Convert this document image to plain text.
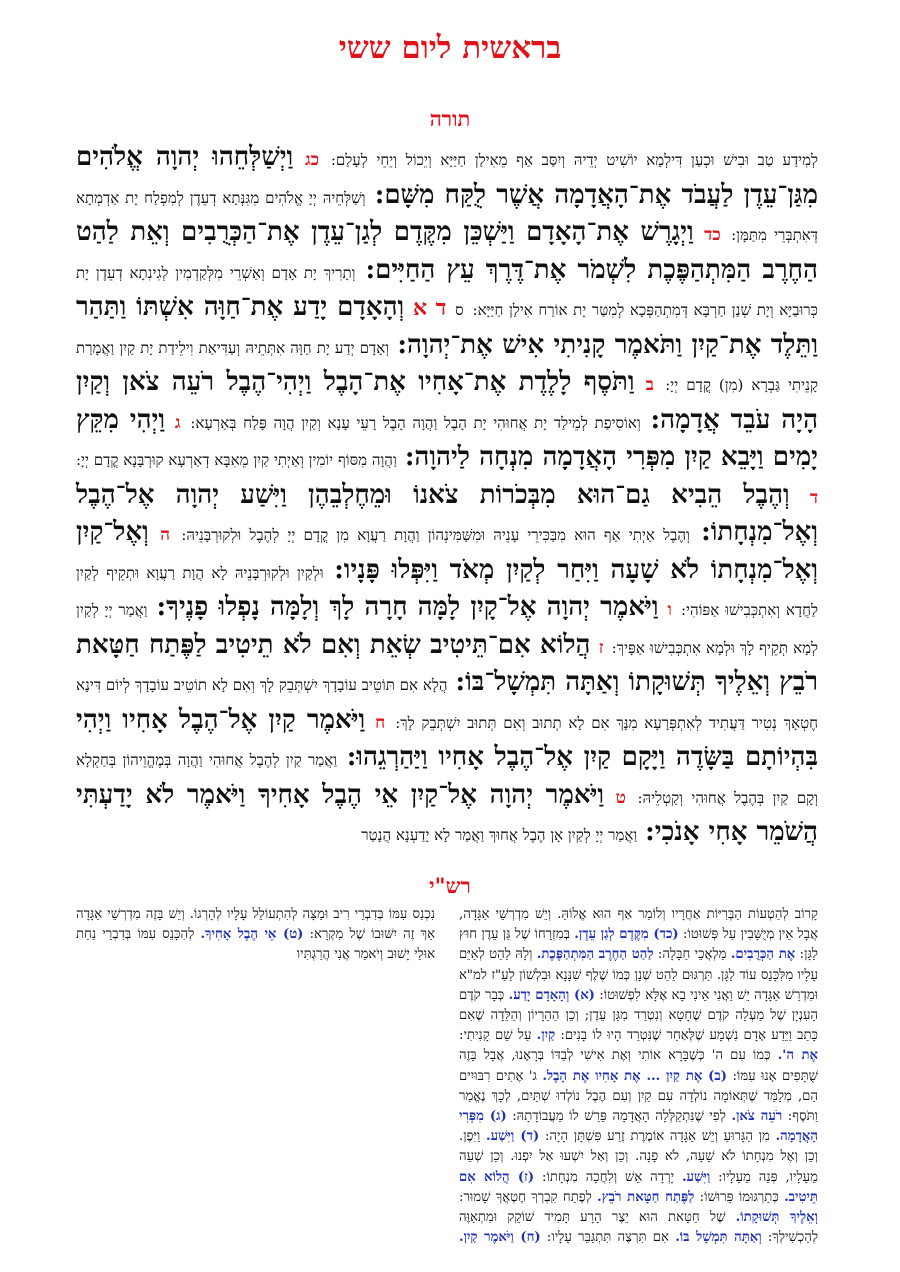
בראשית ליום ששי
תורה
לְמִידַע טַב וּבִישׁ וּכְעַן דִּילְמָא יוֹשִׁיט יְדֵיהּ וְיִסַּב אַף מֵאִילַן חַיַּיָּא וְיֵכוֹל וְיֵחֵי לְעָלַם: כג וַיְשַׁלְּחֵהוּ יְהוָה אֱלֹהִים מִגַּן־עֵדֶן לַעֲבֹד אֶת־הָאֲדָמָה אֲשֶׁר לֻקַּח מִשָּׁם: וְשַׁלְּחֵיהּ יְיָ אֱלֹהִים מִגִּנְּתָא דְעֵדֶן לְמִפְלַח יָת אַדְמְתָא דְּאִתְבְּרֵי מִתַּמָּן: כד וַיְגָרֶשׁ אֶת־הָאָדָם וַיַּשְׁכֵּן מִקֶּדֶם לְגַן־עֵדֶן אֶת־הַכְּרֻבִים וְאֵת לַהַט הַחֶרֶב הַמִּתְהַפֶּכֶת לִשְׁמֹר אֶת־דֶּרֶךְ עֵץ הַחַיִּים: וְתָרִיךְ יָת אָדָם וְאַשְׁרֵי מִלְּקַדְמִין לְגִינִתָא דְעֵדֶן יָת כְּרוּבַיָּא וְיָת שְׁנַן חַרְבָּא דְּמִתְהַפְּכָא לְמִטַּר יָת אוֹרַח אִילַן חַיַּיָּא: ס ד א וְהָאָדָם יָדַע אֶת־חַוָּה אִשְׁתּוֹ וַתַּהַר וַתֵּלֶד אֶת־קַיִן וַתֹּאמֶר קָנִיתִי אִישׁ אֶת־יְהוָה: וְאָדָם יְדַע יָת חַוָּה אִתְּתֵיהּ וְעַדִּיאַת וִילֵידַת יָת קַיִן וַאֲמָרַת קָנֵיתִי גַּבְרָא (מִן) קֳדָם יְיָ: ב וַתֹּסֶף לָלֶדֶת אֶת־אָחִיו אֶת־הָבֶל וַיְהִי־הֶבֶל רֹעֵה צֹאן וְקַיִן הָיָה עֹבֵד אֲדָמָה: וְאוֹסִיפַת לְמֵילַד יָת אֲחוּהִי יָת הָבֶל וַהֲוָה הָבֶל רָעֵי עָנָא וְקַיִן הֲוָה פָּלַח בְּאַרְעָא: ג וַיְהִי מִקֵּץ יָמִים וַיָּבֵא קַיִן מִפְּרִי הָאֲדָמָה מִנְחָה לַיהוָה: וַהֲוָה מִסּוֹף יוֹמִין וְאַיְתִי קַיִן מֵאִבָּא דְאַרְעָא קוּרְבָּנָא קֳדָם יְיָ: ד וְהֶבֶל הֵבִיא גַם־הוּא מִבְּכֹרוֹת צֹאנוֹ וּמֵחֶלְבֵהֶן וַיִּשַׁע יְהוָה אֶל־הֶבֶל וְאֶל־מִנְחָתוֹ: וְהֶבֶל אַיְתִי אַף הוּא מִבַּכִּירֵי עָנֵיהּ וּמִשַּׁמִּינְהוֹן וַהֲוָת רַעֲוָא מִן קֳדָם יְיָ לְהֶבֶל וּלְקוּרְבָּנֵיהּ: ה וְאֶל־קַיִן וְאֶל־מִנְחָתוֹ לֹא שָׁעָה וַיִּחַר לְקַיִן מְאֹד וַיִּפְּלוּ פָּנָיו: וּלְקַיִן וּלְקוּרְבָּנֵיהּ לָא הֲוָת רַעֲוָא וּתְקֵיף לְקַיִן לַחֲדָא וְאִתְכְּבִישׁוּ אַפּוֹהִי: ו וַיֹּאמֶר יְהוָה אֶל־קָיִן לָמָּה חָרָה לָךְ וְלָמָּה נָפְלוּ פָנֶיךָ: וַאֲמַר יְיָ לְקַיִן לְמָא תְּקֵיף לָךְ וּלְמָא אִתְכְּבִישׁוּ אַפָּיךְ: ז הֲלוֹא אִם־תֵּיטִיב שְׂאֵת וְאִם לֹא תֵיטִיב לַפֶּתַח חַטָּאת רֹבֵץ וְאֵלֶיךָ תְּשׁוּקָתוֹ וְאַתָּה תִּמְשָׁל־בּוֹ: הֲלָא אִם תּוֹטֵיב עוֹבָדָךְ יִשְׁתְּבֵק לָךְ וְאִם לָא תוֹטֵיב עוֹבָדָךְ לְיוֹם דִּינָא חֶטְאָךְ נְטִיר דַּעֲתִיד לְאִתְפְּרָעָא מִנָּךְ אִם לָא תְתוּב וְאִם תְּתוּב יִשְׁתְּבֵק לָךְ: ח וַיֹּאמֶר קַיִן אֶל־הֶבֶל אָחִיו וַיְהִי בִּהְיוֹתָם בַּשָּׂדֶה וַיָּקָם קַיִן אֶל־הֶבֶל אָחִיו וַיַּהַרְגֵהוּ: וַאֲמַר קַיִן לְהֶבֶל אֲחוּהִי וַהֲוָה בְּמֶהֱוֵיהוֹן בְּחַקְלָא וְקָם קַיִן בְּהֶבֶל אֲחוּהִי וְקַטְלֵיהּ: ט וַיֹּאמֶר יְהוָה אֶל־קַיִן אֵי הֶבֶל אָחִיךָ וַיֹּאמֶר לֹא יָדַעְתִּי הֲשֹׁמֵר אָחִי אָנֹכִי: וַאֲמַר יְיָ לְקַיִן אָן הֶבֶל אֲחוּךְ וַאֲמַר לָא יָדַעְנָא הֲנָטַר
רש"י

קָרוֹב לְהַטְעוֹת הַבְּרִיּוֹת אַחֲרָיו וְלוֹמַר אַף הוּא אֱלוֹהַּ. וְיֵשׁ מִדְרְשֵׁי אַגָּדָה, אֲבָל אֵין מְיֻשָּׁבִין עַל פְּשׁוּטוֹ: (כד) מִקֶּדֶם לְגַן עֵדֶן. בְּמִזְרָחוֹ שֶׁל גַּן עֵדֶן חוּץ לַגָּן: אֶת הַכְּרֻבִים. מַלְאֲכֵי חַבָּלָה: לַהַט הַחֶרֶב הַמִּתְהַפֶּכֶת. וְלָהּ לַהַט לְאַיֵּם עָלָיו מִלִּכָּנֵס עוֹד לַגָּן. תַּרְגּוּם לַהַט שְׁנָן כְּמוֹ שֶׁלֶף שִׁנָּנָא וּבִלְשׁוֹן לַעַ"ז למ"א וּמִדְרַשׁ אַגָּדָה יֵשׁ וַאֲנִי אֵינִי בָא אֶלָּא לִפְשׁוּטוֹ: (א) וְהָאָדָם יָדַע. כְּבָר קֹדֶם הָעִנְיָן שֶׁל מַעְלָה קֹדֶם שֶׁחָטָא וְנִטְרַד מִגַּן עֵדֶן; וְכֵן הַהֵרָיוֹן וְהַלֵּדָה שֶׁאִם כָּתַב וַיֵּדַע אָדָם נִשְׁמָע שֶׁלְּאַחַר שֶׁנִּטְרַד הָיוּ לוֹ בָנִים: קַיִן. עַל שֵׁם קָנִיתִי: אֶת ה'. כְּמוֹ עִם ה' כְּשֶׁבָּרָא אוֹתִי וְאֶת אִישִׁי לְבַדּוֹ בְּרָאָנוּ, אֲבָל בָּזֶה שֻׁתָּפִים אָנוּ עִמּוֹ: (ב) אֶת קַיִן ... אֶת אָחִיו אֶת הָבֶל. ג' אֶתִים רִבּוּיִים הֵם, מְלַמֵּד שֶׁתְּאוֹמָה נוֹלְדָה עִם קַיִן וְעִם הֶבֶל נוֹלְדוּ שְׁתַּיִם, לְכָךְ נֶאֱמַר וַתֹּסֶף: רֹעֵה צֹאן. לְפִי שֶׁנִּתְקַלְּלָה הָאֲדָמָה פֵּרַשׁ לוֹ מֵעֲבוֹדָתָהּ: (ג) מִפְּרִי הָאֲדָמָה. מִן הַגָּרוּעַ וְיֵשׁ אַגָּדָה אוֹמֶרֶת זֶרַע פִּשְׁתָּן הָיָה: (ד) וַיִּשַׁע. וַיִּפֶן. וְכֵן וְאֶל מִנְחָתוֹ לֹא שָׁעָה, לֹא פָנָה. וְכֵן וְאַל יִשְׁעוּ אַל יִפְנוּ. וְכֵן שְׁעֵה מֵעָלָיו, פְּנֵה מֵעָלָיו: וַיִּשַׁע. יָרְדָה אֵשׁ וְלִחֲכָה מִנְחָתוֹ: (ז) הֲלוֹא אִם תֵּיטִיב. כְּתַרְגּוּמוֹ פֵּרוּשׁוֹ: לַפֶּתַח חַטָּאת רֹבֵץ. לְפֶתַח קִבְרְךָ חֶטְאֲךָ שָׁמוּר: וְאֵלֶיךָ תְּשׁוּקָתוֹ. שֶׁל חַטָּאת הוּא יֵצֶר הָרָע תָּמִיד שׁוֹקֵק וּמִתְאַוֶּה לְהַכְשִׁילְךָ: וְאַתָּה תִּמְשָׁל בּוֹ. אִם תִּרְצֶה תִּתְגַּבֵּר עָלָיו: (ח) וַיֹּאמֶר קַיִן. נִכְנַס עִמּוֹ בְּדִבְרֵי רִיב וּמַצָּה לְהִתְעוֹלֵל עָלָיו לְהָרְגוֹ. וְיֵשׁ בָּזֶה מִדְרְשֵׁי אַגָּדָה אַךְ זֶה יִשּׁוּבוֹ שֶׁל מִקְרָא: (ט) אֵי הֶבֶל אָחִיךָ. לְהִכָּנֵס עִמּוֹ בְּדִבְרֵי נַחַת אוּלַי יָשׁוּב וְיֹאמַר אֲנִי הֲרַגְתִּיו
